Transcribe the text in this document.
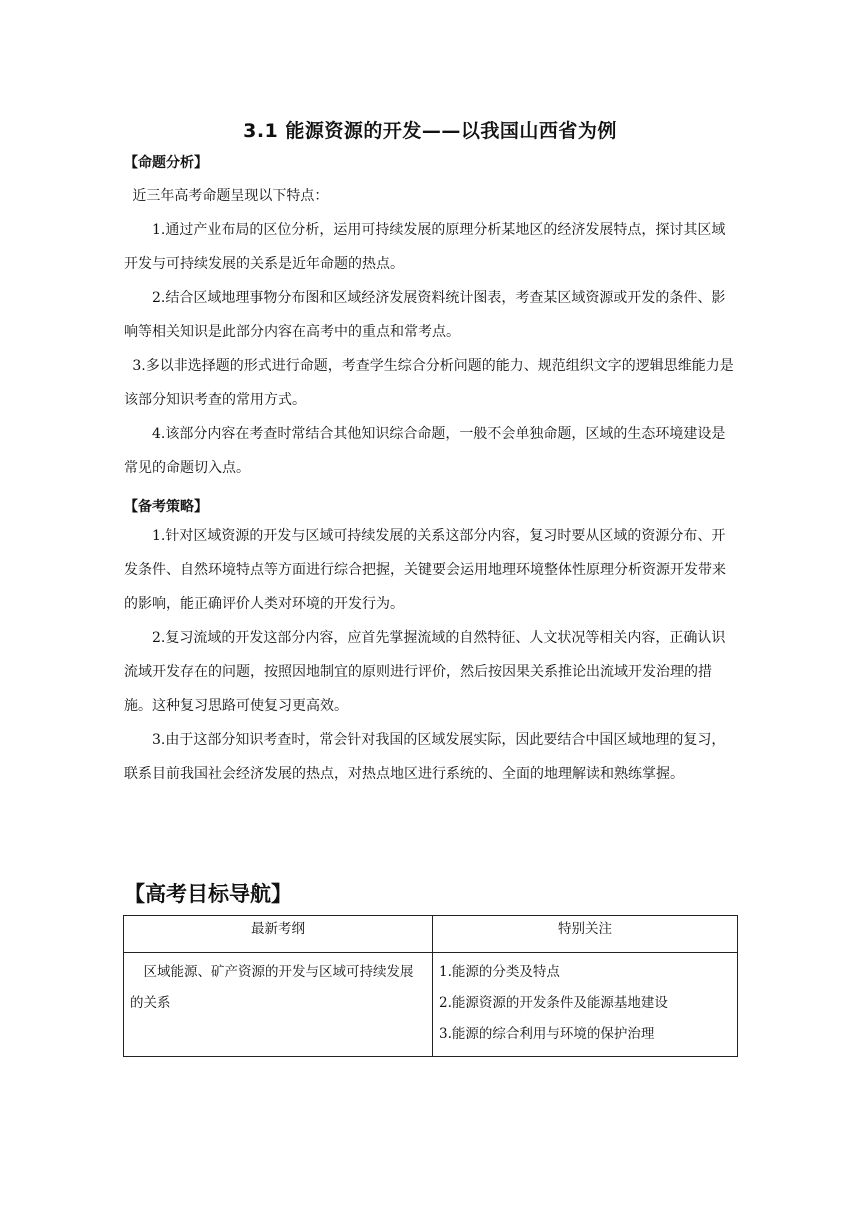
3.1 能源资源的开发——以我国山西省为例
【命题分析】

近三年高考命题呈现以下特点：

1.通过产业布局的区位分析，运用可持续发展的原理分析某地区的经济发展特点，探讨其区域开发与可持续发展的关系是近年命题的热点。

2.结合区域地理事物分布图和区域经济发展资料统计图表，考查某区域资源或开发的条件、影响等相关知识是此部分内容在高考中的重点和常考点。

3.多以非选择题的形式进行命题，考查学生综合分析问题的能力、规范组织文字的逻辑思维能力是该部分知识考查的常用方式。

4.该部分内容在考查时常结合其他知识综合命题，一般不会单独命题，区域的生态环境建设是常见的命题切入点。

【备考策略】

1.针对区域资源的开发与区域可持续发展的关系这部分内容，复习时要从区域的资源分布、开发条件、自然环境特点等方面进行综合把握，关键要会运用地理环境整体性原理分析资源开发带来的影响，能正确评价人类对环境的开发行为。

2.复习流域的开发这部分内容，应首先掌握流域的自然特征、人文状况等相关内容，正确认识流域开发存在的问题，按照因地制宜的原则进行评价，然后按因果关系推论出流域开发治理的措施。这种复习思路可使复习更高效。

3.由于这部分知识考查时，常会针对我国的区域发展实际，因此要结合中国区域地理的复习，联系目前我国社会经济发展的热点，对热点地区进行系统的、全面的地理解读和熟练掌握。

【高考目标导航】
最新考纲	特别关注
区域能源、矿产资源的开发与区域可持续发展的关系	1.能源的分类及特点
2.能源资源的开发条件及能源基地建设
3.能源的综合利用与环境的保护治理
